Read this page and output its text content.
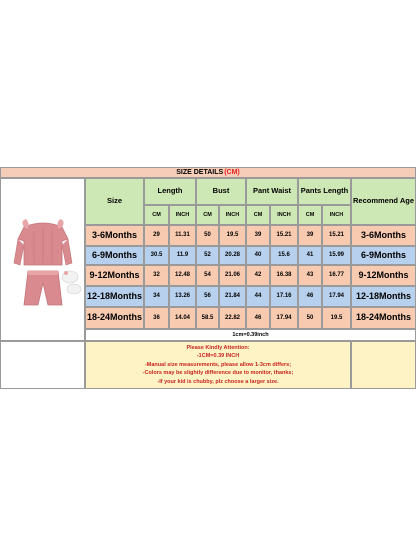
SIZE DETAILS (CM)
Size
Length	Bust	Pant Waist	Pants Length
Recommend Age
CM	INCH	CM	INCH	CM	INCH	CM	INCH
3-6Months	29	11.31	50	19.5	39	15.21	39	15.21	3-6Months
6-9Months	30.5	11.9	52	20.28	40	15.6	41	15.99	6-9Months
9-12Months	32	12.48	54	21.06	42	16.38	43	16.77	9-12Months
12-18Months	34	13.26	56	21.84	44	17.16	46	17.94	12-18Months
18-24Months	36	14.04	58.5	22.82	46	17.94	50	19.5	18-24Months
1cm=0.39inch
Please Kindly Attention:
-1CM=0.39 INCH
-Manual size measurements, please allow 1-3cm differs;
-Colors may be slightly difference due to monitor, thanks;
-If your kid is chubby, plz choose a larger size.
